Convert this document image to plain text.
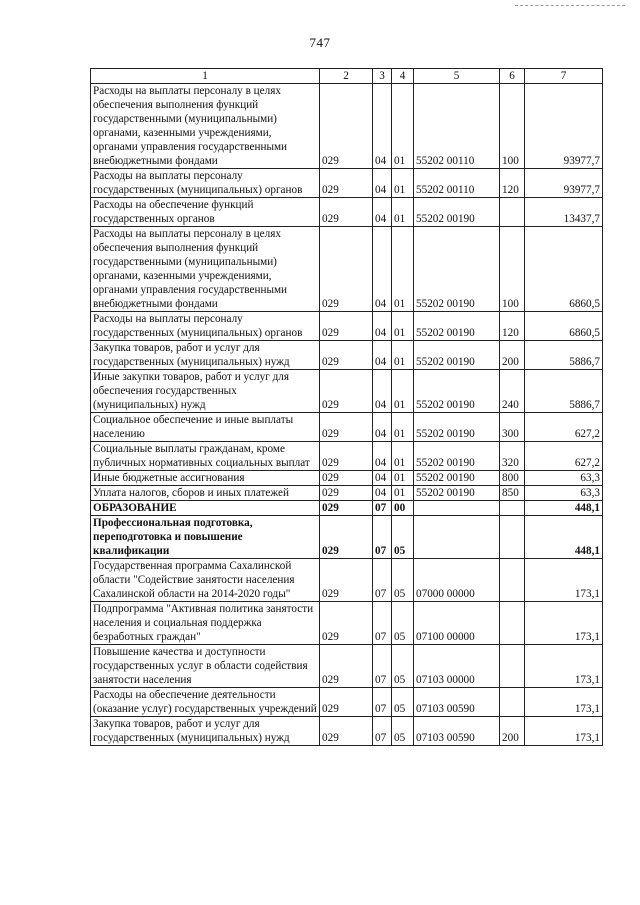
747
1	2	3	4	5	6	7
Расходы на выплаты персоналу в целях обеспечения выполнения функций государственными (муниципальными) органами, казенными учреждениями, органами управления государственными внебюджетными фондами	029	04	01	55202 00110	100	93977,7
Расходы на выплаты персоналу государственных (муниципальных) органов	029	04	01	55202 00110	120	93977,7
Расходы на обеспечение функций государственных органов	029	04	01	55202 00190		13437,7
Расходы на выплаты персоналу в целях обеспечения выполнения функций государственными (муниципальными) органами, казенными учреждениями, органами управления государственными внебюджетными фондами	029	04	01	55202 00190	100	6860,5
Расходы на выплаты персоналу государственных (муниципальных) органов	029	04	01	55202 00190	120	6860,5
Закупка товаров, работ и услуг для государственных (муниципальных) нужд	029	04	01	55202 00190	200	5886,7
Иные закупки товаров, работ и услуг для обеспечения государственных (муниципальных) нужд	029	04	01	55202 00190	240	5886,7
Социальное обеспечение и иные выплаты населению	029	04	01	55202 00190	300	627,2
Социальные выплаты гражданам, кроме публичных нормативных социальных выплат	029	04	01	55202 00190	320	627,2
Иные бюджетные ассигнования	029	04	01	55202 00190	800	63,3
Уплата налогов, сборов и иных платежей	029	04	01	55202 00190	850	63,3
ОБРАЗОВАНИЕ	029	07	00			448,1
Профессиональная подготовка, переподготовка и повышение квалификации	029	07	05			448,1
Государственная программа Сахалинской области "Содействие занятости населения Сахалинской области на 2014-2020 годы"	029	07	05	07000 00000		173,1
Подпрограмма "Активная политика занятости населения и социальная поддержка безработных граждан"	029	07	05	07100 00000		173,1
Повышение качества и доступности государственных услуг в области содействия занятости населения	029	07	05	07103 00000		173,1
Расходы на обеспечение деятельности (оказание услуг) государственных учреждений	029	07	05	07103 00590		173,1
Закупка товаров, работ и услуг для государственных (муниципальных) нужд	029	07	05	07103 00590	200	173,1
